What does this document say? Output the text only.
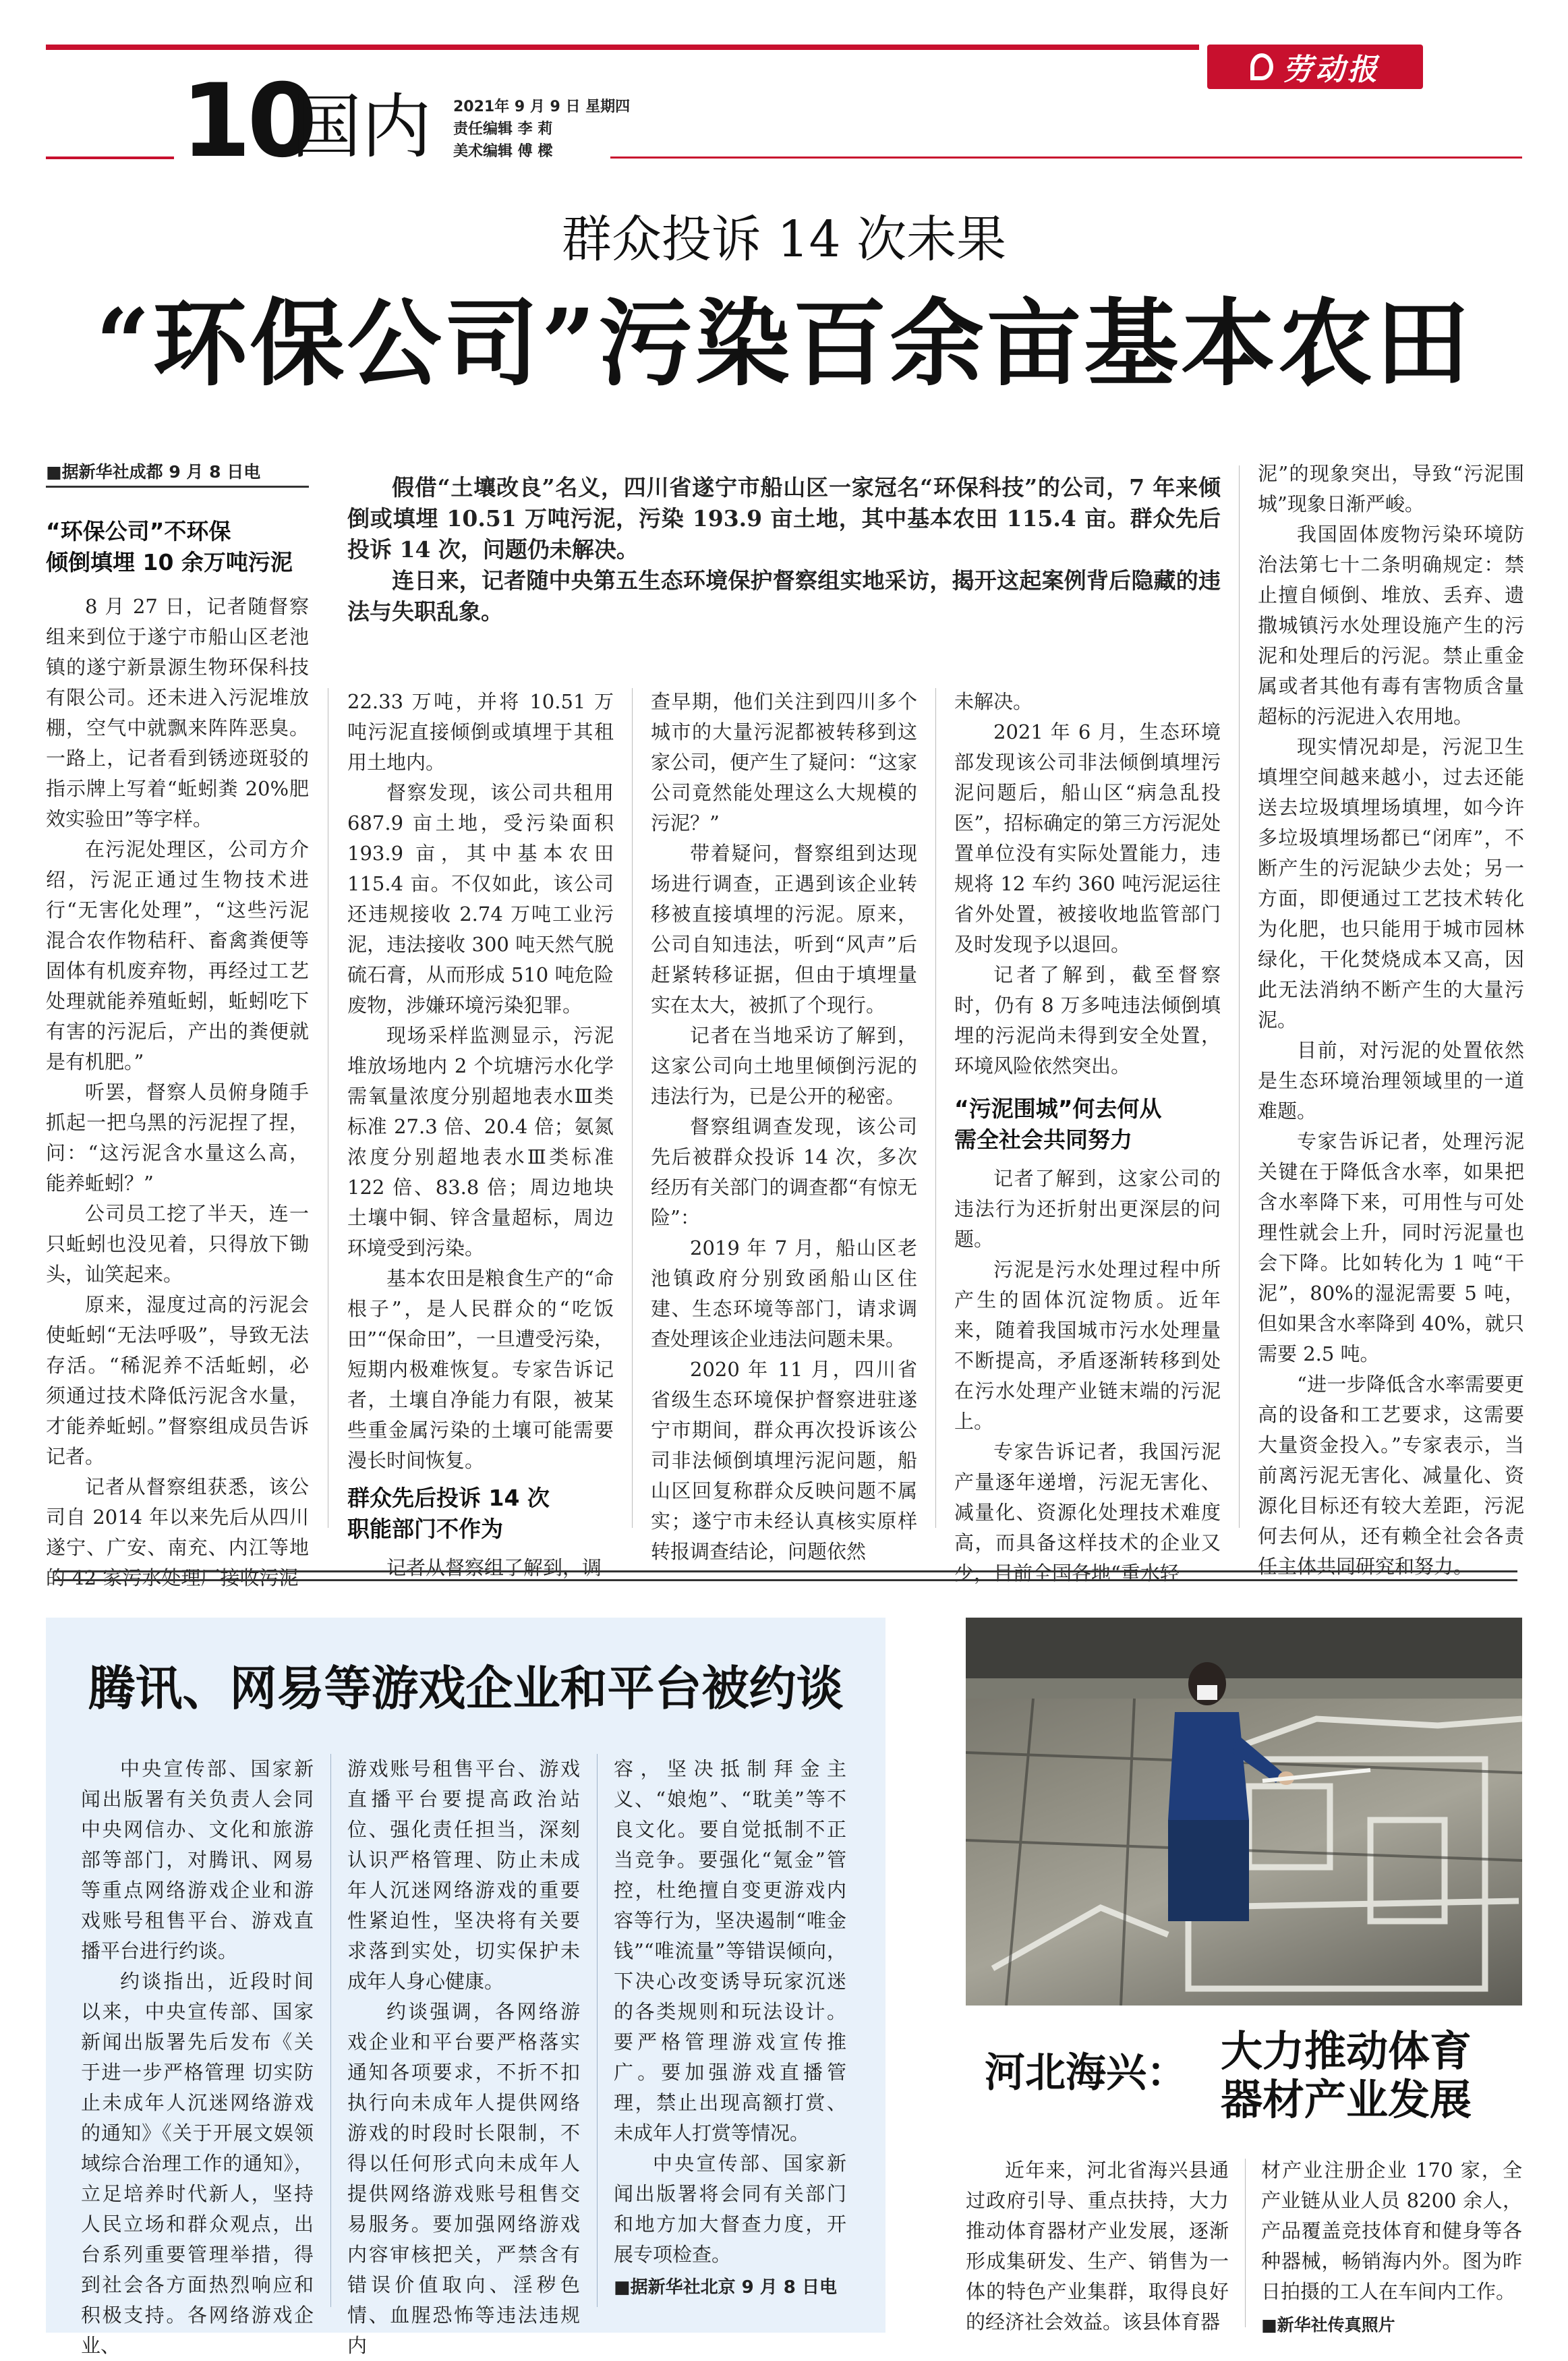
劳动报
10
国内 2021年 9 月 9 日 星期四
责任编辑 李 莉
美术编辑 傅 樑
群众投诉 14 次未果
“环保公司”污染百余亩基本农田
■据新华社成都 9 月 8 日电

假借“土壤改良”名义，四川省遂宁市船山区一家冠名“环保科技”的公司，7 年来倾倒或填埋 10.51 万吨污泥，污染 193.9 亩土地，其中基本农田 115.4 亩。群众先后投诉 14 次，问题仍未解决。

连日来，记者随中央第五生态环境保护督察组实地采访，揭开这起案例背后隐藏的违法与失职乱象。

“环保公司”不环保
倾倒填埋 10 余万吨污泥

8 月 27 日，记者随督察组来到位于遂宁市船山区老池镇的遂宁新景源生物环保科技有限公司。还未进入污泥堆放棚，空气中就飘来阵阵恶臭。一路上，记者看到锈迹斑驳的指示牌上写着“蚯蚓粪 20%肥效实验田”等字样。

在污泥处理区，公司方介绍，污泥正通过生物技术进行“无害化处理”，“这些污泥混合农作物秸秆、畜禽粪便等固体有机废弃物，再经过工艺处理就能养殖蚯蚓，蚯蚓吃下有害的污泥后，产出的粪便就是有机肥。”

听罢，督察人员俯身随手抓起一把乌黑的污泥捏了捏，问：“这污泥含水量这么高，能养蚯蚓？”

公司员工挖了半天，连一只蚯蚓也没见着，只得放下锄头，讪笑起来。

原来，湿度过高的污泥会使蚯蚓“无法呼吸”，导致无法存活。“稀泥养不活蚯蚓，必须通过技术降低污泥含水量，才能养蚯蚓。”督察组成员告诉记者。

记者从督察组获悉，该公司自 2014 年以来先后从四川遂宁、广安、南充、内江等地的 42 家污水处理厂接收污泥

22.33 万吨，并将 10.51 万吨污泥直接倾倒或填埋于其租用土地内。

督察发现，该公司共租用 687.9 亩土地，受污染面积 193.9 亩，其中基本农田 115.4 亩。不仅如此，该公司还违规接收 2.74 万吨工业污泥，违法接收 300 吨天然气脱硫石膏，从而形成 510 吨危险废物，涉嫌环境污染犯罪。

现场采样监测显示，污泥堆放场地内 2 个坑塘污水化学需氧量浓度分别超地表水Ⅲ类标准 27.3 倍、20.4 倍；氨氮浓度分别超地表水Ⅲ类标准 122 倍、83.8 倍；周边地块土壤中铜、锌含量超标，周边环境受到污染。

基本农田是粮食生产的“命根子”，是人民群众的“吃饭田”“保命田”，一旦遭受污染，短期内极难恢复。专家告诉记者，土壤自净能力有限，被某些重金属污染的土壤可能需要漫长时间恢复。

群众先后投诉 14 次
职能部门不作为

记者从督察组了解到，调

查早期，他们关注到四川多个城市的大量污泥都被转移到这家公司，便产生了疑问：“这家公司竟然能处理这么大规模的污泥？”

带着疑问，督察组到达现场进行调查，正遇到该企业转移被直接填埋的污泥。原来，公司自知违法，听到“风声”后赶紧转移证据，但由于填埋量实在太大，被抓了个现行。

记者在当地采访了解到，这家公司向土地里倾倒污泥的违法行为，已是公开的秘密。

督察组调查发现，该公司先后被群众投诉 14 次，多次经历有关部门的调查都“有惊无险”：

2019 年 7 月，船山区老池镇政府分别致函船山区住建、生态环境等部门，请求调查处理该企业违法问题未果。

2020 年 11 月，四川省省级生态环境保护督察进驻遂宁市期间，群众再次投诉该公司非法倾倒填埋污泥问题，船山区回复称群众反映问题不属实；遂宁市未经认真核实原样转报调查结论，问题依然

未解决。

2021 年 6 月，生态环境部发现该公司非法倾倒填埋污泥问题后，船山区“病急乱投医”，招标确定的第三方污泥处置单位没有实际处置能力，违规将 12 车约 360 吨污泥运往省外处置，被接收地监管部门及时发现予以退回。

记者了解到，截至督察时，仍有 8 万多吨违法倾倒填埋的污泥尚未得到安全处置，环境风险依然突出。

“污泥围城”何去何从
需全社会共同努力

记者了解到，这家公司的违法行为还折射出更深层的问题。

污泥是污水处理过程中所产生的固体沉淀物质。近年来，随着我国城市污水处理量不断提高，矛盾逐渐转移到处在污水处理产业链末端的污泥上。

专家告诉记者，我国污泥产量逐年递增，污泥无害化、减量化、资源化处理技术难度高，而具备这样技术的企业又少，目前全国各地“重水轻

泥”的现象突出，导致“污泥围城”现象日渐严峻。

我国固体废物污染环境防治法第七十二条明确规定：禁止擅自倾倒、堆放、丢弃、遗撒城镇污水处理设施产生的污泥和处理后的污泥。禁止重金属或者其他有毒有害物质含量超标的污泥进入农用地。

现实情况却是，污泥卫生填埋空间越来越小，过去还能送去垃圾填埋场填埋，如今许多垃圾填埋场都已“闭库”，不断产生的污泥缺少去处；另一方面，即便通过工艺技术转化为化肥，也只能用于城市园林绿化，干化焚烧成本又高，因此无法消纳不断产生的大量污泥。

目前，对污泥的处置依然是生态环境治理领域里的一道难题。

专家告诉记者，处理污泥关键在于降低含水率，如果把含水率降下来，可用性与可处理性就会上升，同时污泥量也会下降。比如转化为 1 吨“干泥”，80%的湿泥需要 5 吨，但如果含水率降到 40%，就只需要 2.5 吨。

“进一步降低含水率需要更高的设备和工艺要求，这需要大量资金投入。”专家表示，当前离污泥无害化、减量化、资源化目标还有较大差距，污泥何去何从，还有赖全社会各责任主体共同研究和努力。

腾讯、网易等游戏企业和平台被约谈

中央宣传部、国家新闻出版署有关负责人会同中央网信办、文化和旅游部等部门，对腾讯、网易等重点网络游戏企业和游戏账号租售平台、游戏直播平台进行约谈。

约谈指出，近段时间以来，中央宣传部、国家新闻出版署先后发布《关于进一步严格管理 切实防止未成年人沉迷网络游戏的通知》《关于开展文娱领域综合治理工作的通知》，立足培养时代新人，坚持人民立场和群众观点，出台系列重要管理举措，得到社会各方面热烈响应和积极支持。各网络游戏企业、

游戏账号租售平台、游戏直播平台要提高政治站位、强化责任担当，深刻认识严格管理、防止未成年人沉迷网络游戏的重要性紧迫性，坚决将有关要求落到实处，切实保护未成年人身心健康。

约谈强调，各网络游戏企业和平台要严格落实通知各项要求，不折不扣执行向未成年人提供网络游戏的时段时长限制，不得以任何形式向未成年人提供网络游戏账号租售交易服务。要加强网络游戏内容审核把关，严禁含有错误价值取向、淫秽色情、血腥恐怖等违法违规内

容，坚决抵制拜金主义、“娘炮”、“耽美”等不良文化。要自觉抵制不正当竞争。要强化“氪金”管控，杜绝擅自变更游戏内容等行为，坚决遏制“唯金钱”“唯流量”等错误倾向，下决心改变诱导玩家沉迷的各类规则和玩法设计。要严格管理游戏宣传推广。要加强游戏直播管理，禁止出现高额打赏、未成年人打赏等情况。

中央宣传部、国家新闻出版署将会同有关部门和地方加大督查力度，开展专项检查。

■据新华社北京 9 月 8 日电
河北海兴： 大力推动体育
器材产业发展

近年来，河北省海兴县通过政府引导、重点扶持，大力推动体育器材产业发展，逐渐形成集研发、生产、销售为一体的特色产业集群，取得良好的经济社会效益。该县体育器

材产业注册企业 170 家，全产业链从业人员 8200 余人，产品覆盖竞技体育和健身等各种器械，畅销海内外。图为昨日拍摄的工人在车间内工作。

■新华社传真照片
